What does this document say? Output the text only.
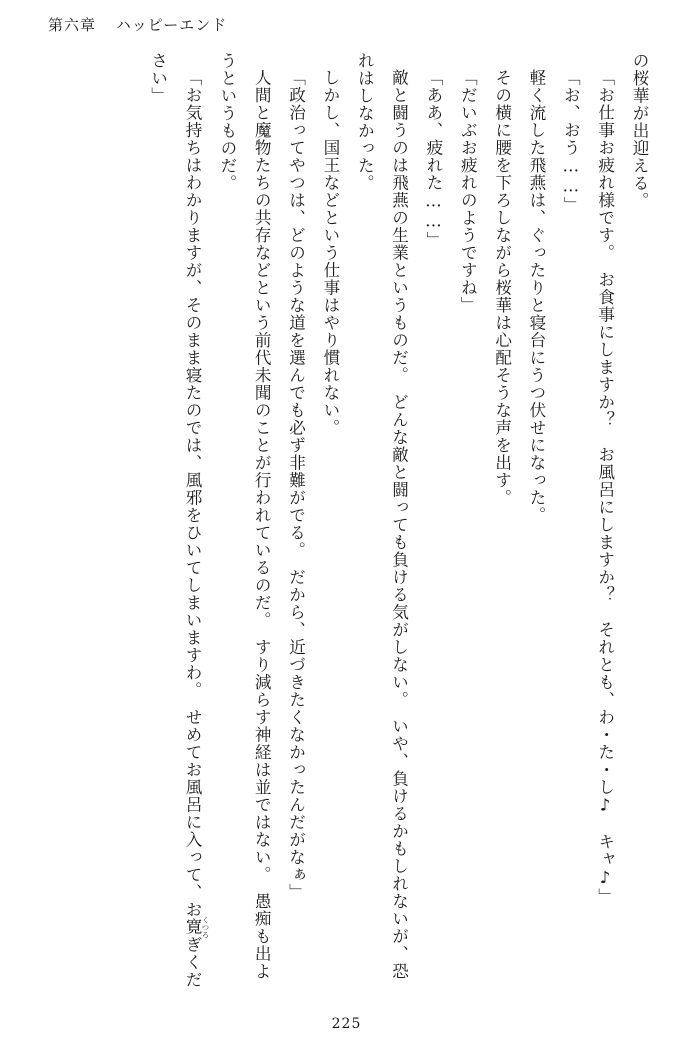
第六章 ハッピーエンド

の桜華が出迎える。

「お仕事お疲れ様です。　お食事にしますか？　お風呂にしますか？　それとも、わ・た・し♪　キャ♪」

「お、おう……」

軽く流した飛燕は、ぐったりと寝台にうつ伏せになった。

その横に腰を下ろしながら桜華は心配そうな声を出す。

「だいぶお疲れのようですね」

「ああ、疲れた……」

敵と闘うのは飛燕の生業というものだ。　どんな敵と闘っても負ける気がしない。　いや、負けるかもしれないが、恐れはしなかった。

しかし、国王などという仕事はやり慣れない。

「政治ってやつは、どのような道を選んでも必ず非難がでる。　だから、近づきたくなかったんだがなぁ」

人間と魔物たちの共存などという前代未聞のことが行われているのだ。　すり減らす神経は並ではない。　愚痴も出ようというものだ。

「お気持ちはわかりますが、そのまま寝たのでは、風邪をひいてしまいますわ。　せめてお風呂に入って、お寛 くつろぎください」

225
